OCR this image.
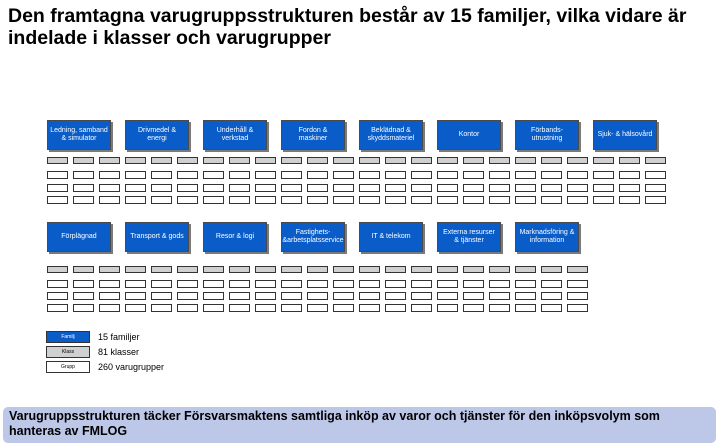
Den framtagna varugruppsstrukturen består av 15 familjer, vilka vidare är indelade i klasser och varugrupper
Ledning, samband & simulator
Drivmedel & energi
Underhåll & verkstad
Fordon & maskiner
Beklädnad & skyddsmateriel
Kontor
Förbands-utrustning
Sjuk- & hälsovård
Förplägnad	Transport & gods	Resor & logi
Fastighets-&arbetsplatsservice
IT & telekom
Externa resurser & tjänster
Marknadsföring & information
Familj	15 familjer
Klass	81 klasser
Grupp	260 varugrupper
Varugruppsstrukturen täcker Försvarsmaktens samtliga inköp av varor och tjänster för den inköpsvolym som hanteras av FMLOG
